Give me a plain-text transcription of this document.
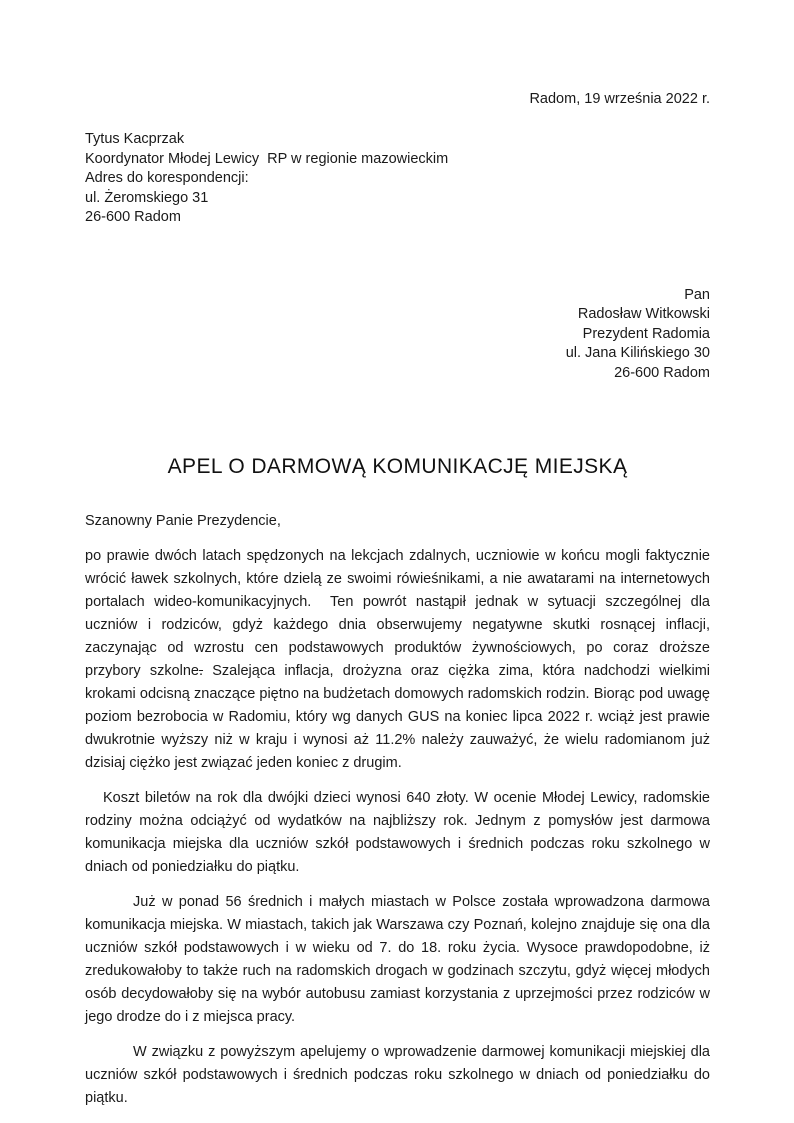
Radom, 19 września 2022 r.
Tytus Kacprzak
Koordynator Młodej Lewicy  RP w regionie mazowieckim
Adres do korespondencji:
ul. Żeromskiego 31
26-600 Radom
Pan
Radosław Witkowski
Prezydent Radomia
ul. Jana Kilińskiego 30
26-600 Radom
APEL O DARMOWĄ KOMUNIKACJĘ MIEJSKĄ

Szanowny Panie Prezydencie,

po prawie dwóch latach spędzonych na lekcjach zdalnych, uczniowie w końcu mogli faktycznie wrócić ławek szkolnych, które dzielą ze swoimi rówieśnikami, a nie awatarami na internetowych portalach wideo-komunikacyjnych.  Ten powrót nastąpił jednak w sytuacji szczególnej dla uczniów i rodziców, gdyż każdego dnia obserwujemy negatywne skutki rosnącej inflacji, zaczynając od wzrostu cen podstawowych produktów żywnościowych, po coraz droższe przybory szkolne. Szalejąca inflacja, drożyzna oraz ciężka zima, która nadchodzi wielkimi krokami odcisną znaczące piętno na budżetach domowych radomskich rodzin. Biorąc pod uwagę poziom bezrobocia w Radomiu, który wg danych GUS na koniec lipca 2022 r. wciąż jest prawie dwukrotnie wyższy niż w kraju i wynosi aż 11.2% należy zauważyć, że wielu radomianom już dzisiaj ciężko jest związać jeden koniec z drugim.

Koszt biletów na rok dla dwójki dzieci wynosi 640 złoty. W ocenie Młodej Lewicy, radomskie rodziny można odciążyć od wydatków na najbliższy rok. Jednym z pomysłów jest darmowa komunikacja miejska dla uczniów szkół podstawowych i średnich podczas roku szkolnego w dniach od poniedziałku do piątku.

Już w ponad 56 średnich i małych miastach w Polsce została wprowadzona darmowa komunikacja miejska. W miastach, takich jak Warszawa czy Poznań, kolejno znajduje się ona dla uczniów szkół podstawowych i w wieku od 7. do 18. roku życia. Wysoce prawdopodobne, iż zredukowałoby to także ruch na radomskich drogach w godzinach szczytu, gdyż więcej młodych osób decydowałoby się na wybór autobusu zamiast korzystania z uprzejmości przez rodziców w jego drodze do i z miejsca pracy.

W związku z powyższym apelujemy o wprowadzenie darmowej komunikacji miejskiej dla uczniów szkół podstawowych i średnich podczas roku szkolnego w dniach od poniedziałku do piątku.
